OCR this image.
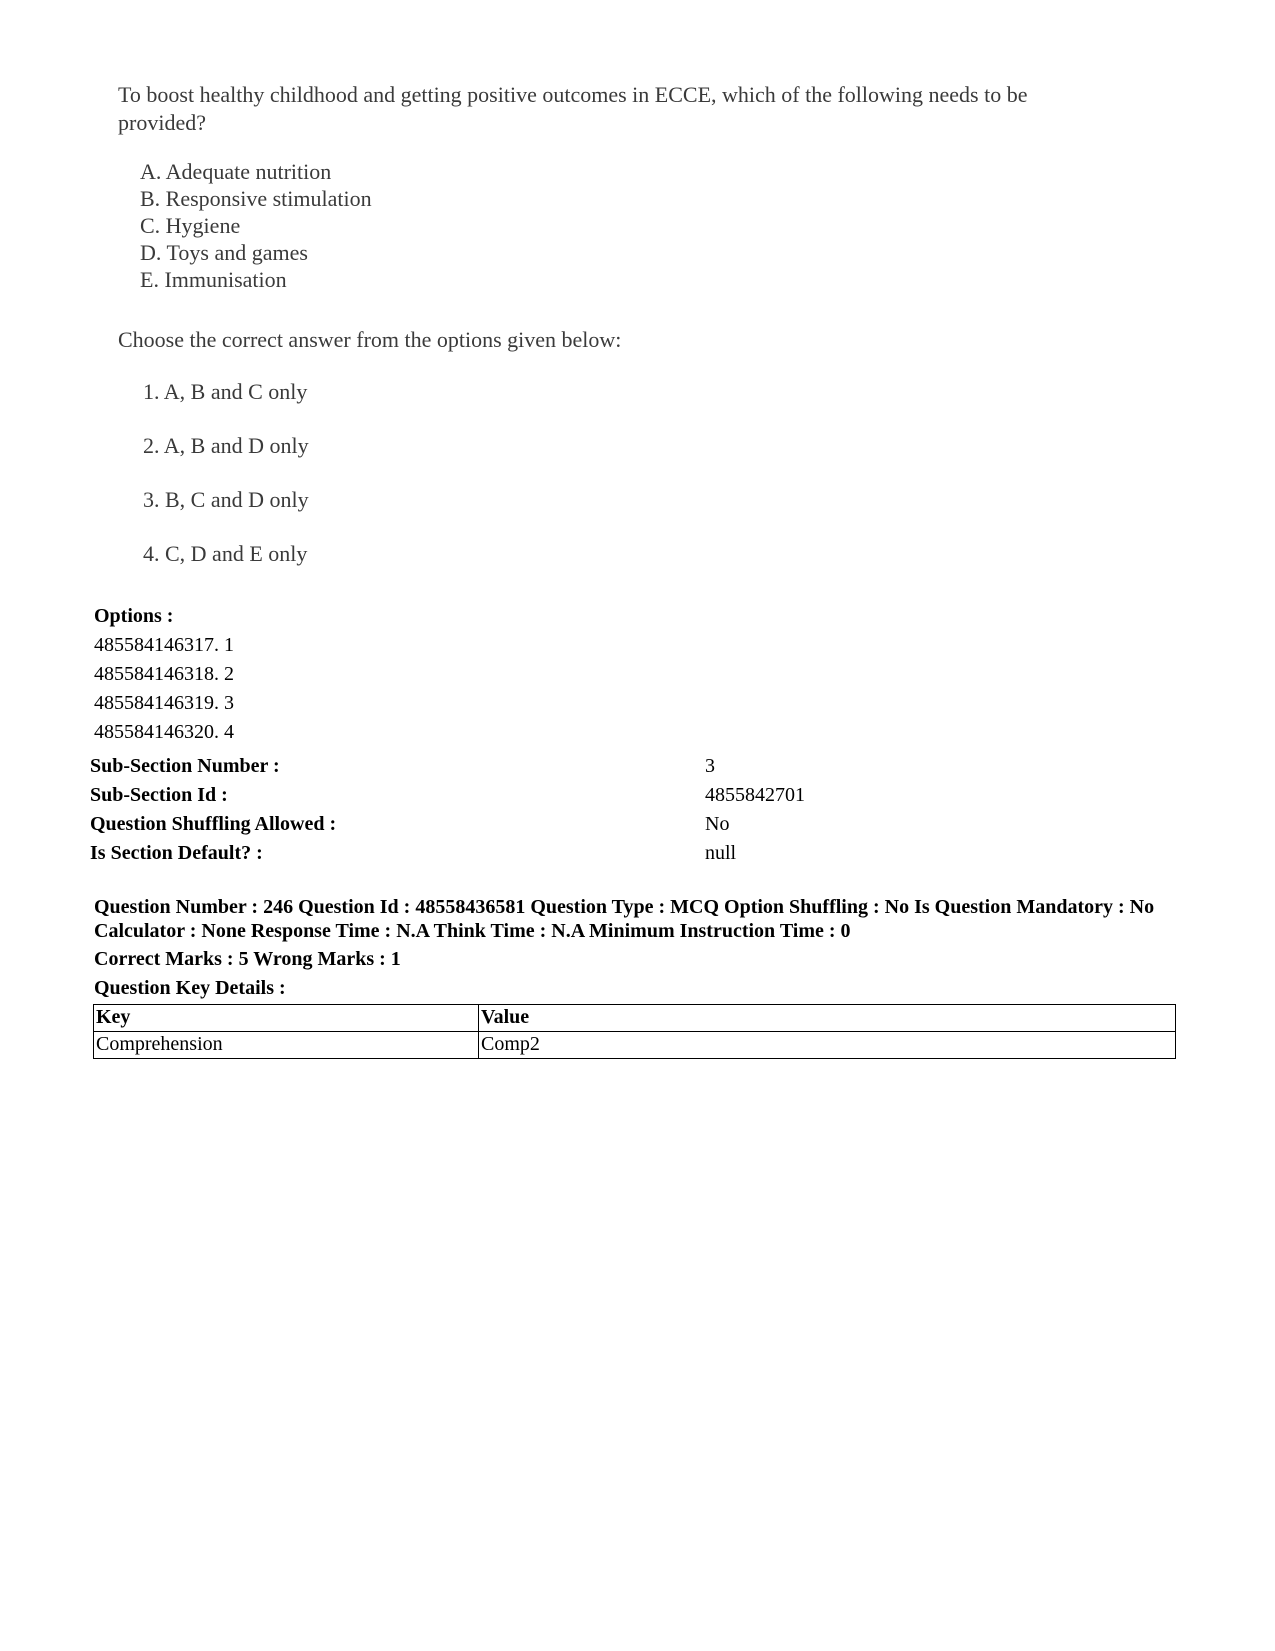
To boost healthy childhood and getting positive outcomes in ECCE, which of the following needs to be provided?

A. Adequate nutrition
B. Responsive stimulation
C. Hygiene
D. Toys and games
E. Immunisation

Choose the correct answer from the options given below:

1. A, B and C only
2. A, B and D only
3. B, C and D only
4. C, D and E only
Options :
485584146317. 1
485584146318. 2
485584146319. 3
485584146320. 4
Sub-Section Number :	3
Sub-Section Id :	4855842701
Question Shuffling Allowed :	No
Is Section Default? :	null
Question Number : 246 Question Id : 48558436581 Question Type : MCQ Option Shuffling : No Is Question Mandatory : No Calculator : None Response Time : N.A Think Time : N.A Minimum Instruction Time : 0
Correct Marks : 5 Wrong Marks : 1
Question Key Details :
Key	Value
Comprehension	Comp2
